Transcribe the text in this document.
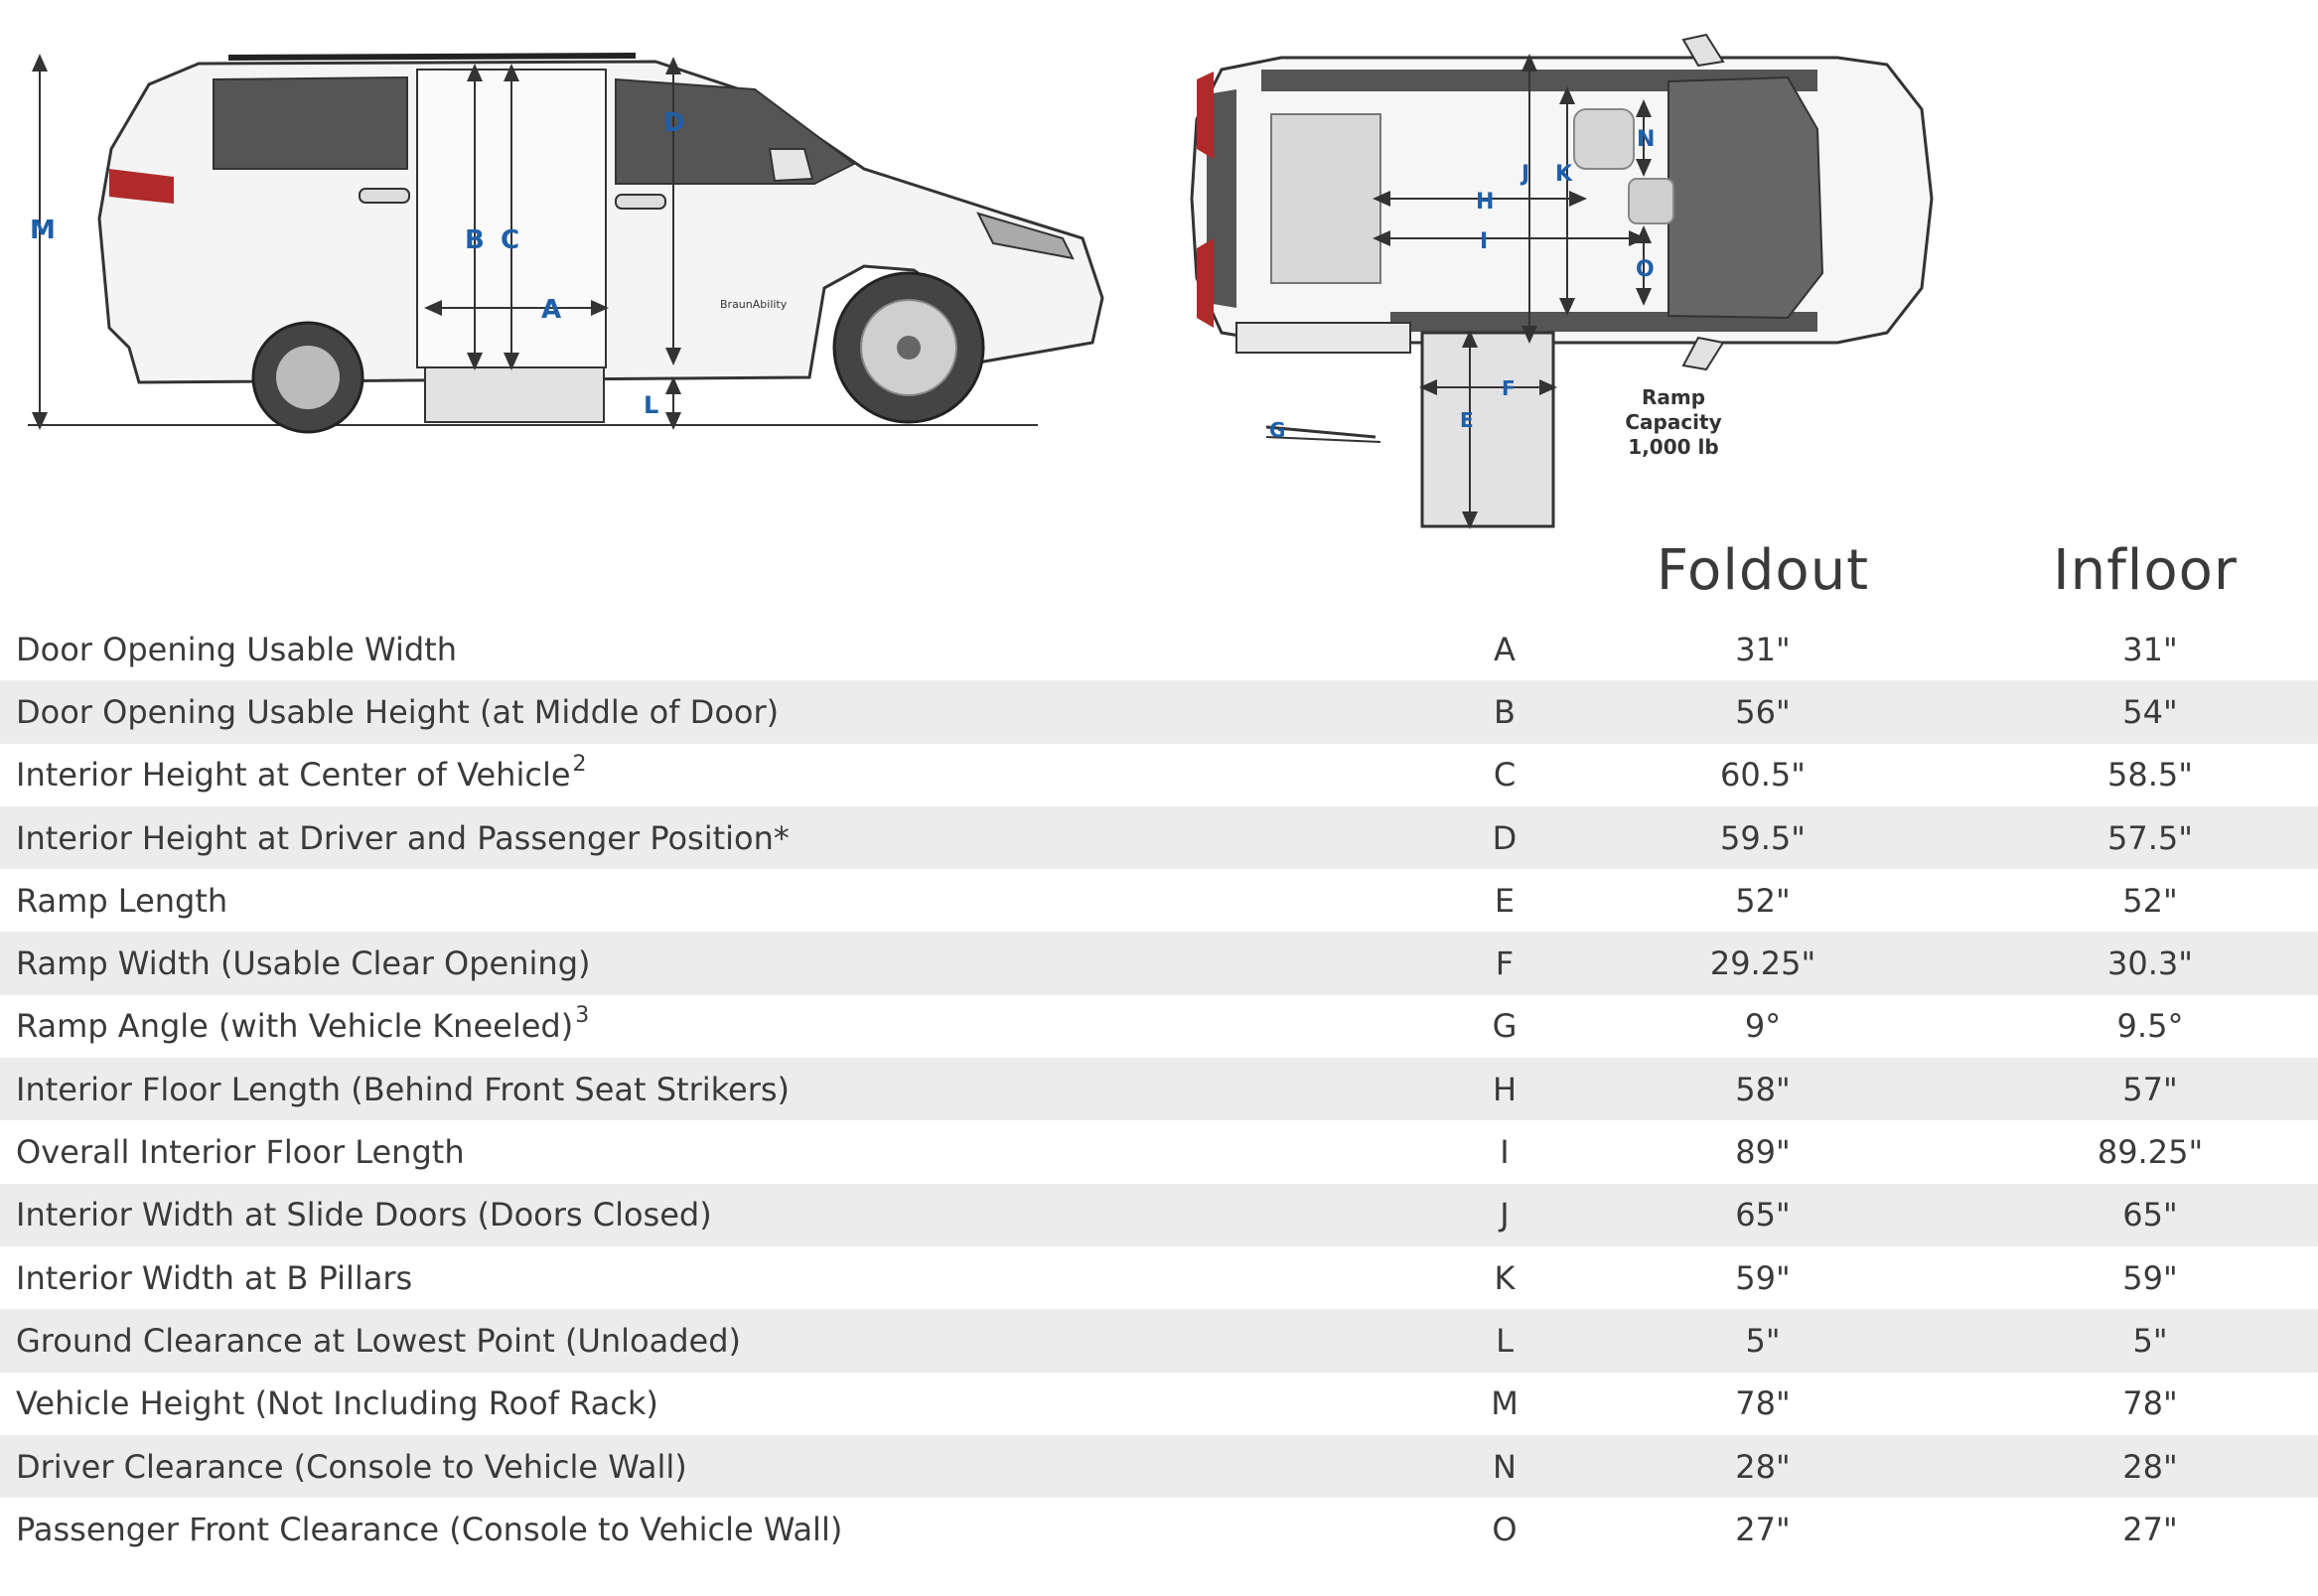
M	B C
A
D
L
BraunAbility
H
I
J K
N
O
F
E
G
Ramp
Capacity
1,000 lb
Foldout	Infloor
Door Opening Usable Width	A	31"	31"
Door Opening Usable Height (at Middle of Door)	B	56"	54"
Interior Height at Center of Vehicle$^2$	C	60.5"	58.5"
Interior Height at Driver and Passenger Position*	D	59.5"	57.5"
Ramp Length	E	52"	52"
Ramp Width (Usable Clear Opening)	F	29.25"	30.3"
Ramp Angle (with Vehicle Kneeled)$^3$	G	9°	9.5°
Interior Floor Length (Behind Front Seat Strikers)	H	58"	57"
Overall Interior Floor Length	I	89"	89.25"
Interior Width at Slide Doors (Doors Closed)	J	65"	65"
Interior Width at B Pillars	K	59"	59"
Ground Clearance at Lowest Point (Unloaded)	L	5"	5"
Vehicle Height (Not Including Roof Rack)	M	78"	78"
Driver Clearance (Console to Vehicle Wall)	N	28"	28"
Passenger Front Clearance (Console to Vehicle Wall)	O	27"	27"
